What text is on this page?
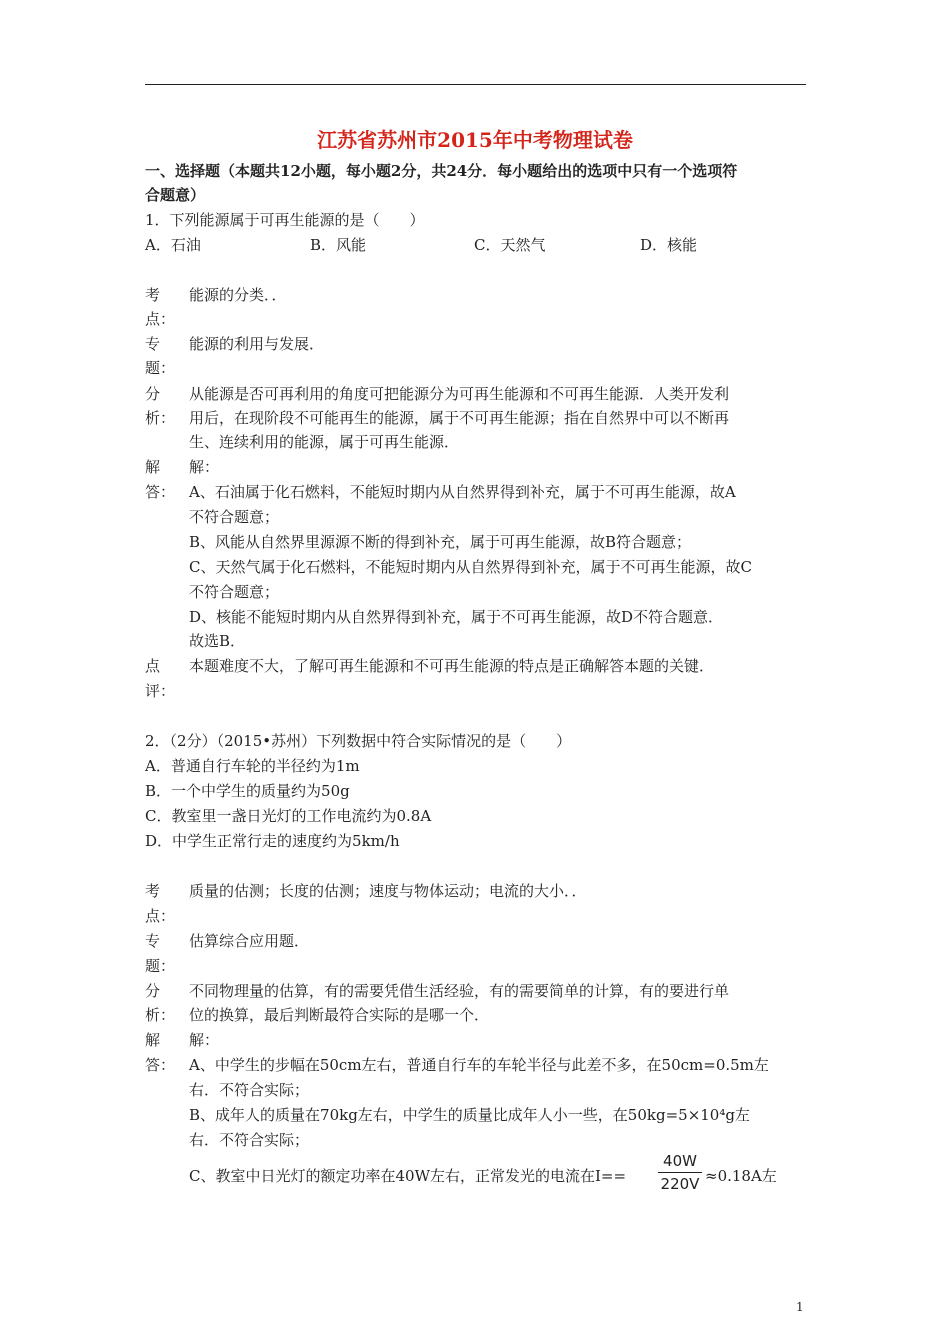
江苏省苏州市2015年中考物理试卷
一、选择题（本题共12小题，每小题2分，共24分．每小题给出的选项中只有一个选项符
合题意）
1．下列能源属于可再生能源的是（　　）
A．石油	B．风能	C．天然气	D．核能
考
点：
能源的分类．．
专
题：
能源的利用与发展．
分
析：
从能源是否可再利用的角度可把能源分为可再生能源和不可再生能源．人类开发利
用后，在现阶段不可能再生的能源，属于不可再生能源；指在自然界中可以不断再
生、连续利用的能源，属于可再生能源．
解
答：
解：
A、石油属于化石燃料，不能短时期内从自然界得到补充，属于不可再生能源，故A
不符合题意；
B、风能从自然界里源源不断的得到补充，属于可再生能源，故B符合题意；
C、天然气属于化石燃料，不能短时期内从自然界得到补充，属于不可再生能源，故C
不符合题意；
D、核能不能短时期内从自然界得到补充，属于不可再生能源，故D不符合题意．
故选B．
点
评：
本题难度不大，了解可再生能源和不可再生能源的特点是正确解答本题的关键．
2．（2分）（2015•苏州）下列数据中符合实际情况的是（　　）
A．普通自行车轮的半径约为1m
B．一个中学生的质量约为50g
C．教室里一盏日光灯的工作电流约为0.8A
D．中学生正常行走的速度约为5km/h
考
点：
质量的估测；长度的估测；速度与物体运动；电流的大小．．
专
题：
估算综合应用题．
分
析：
不同物理量的估算，有的需要凭借生活经验，有的需要简单的计算，有的要进行单
位的换算，最后判断最符合实际的是哪一个．
解
答：
解：
A、中学生的步幅在50cm左右，普通自行车的车轮半径与此差不多，在50cm=0.5m左
右．不符合实际；
B、成年人的质量在70kg左右，中学生的质量比成年人小一些，在50kg=5×10⁴g左
右．不符合实际；
C、教室中日光灯的额定功率在40W左右，正常发光的电流在I==
40W
220V ≈0.18A左
1
